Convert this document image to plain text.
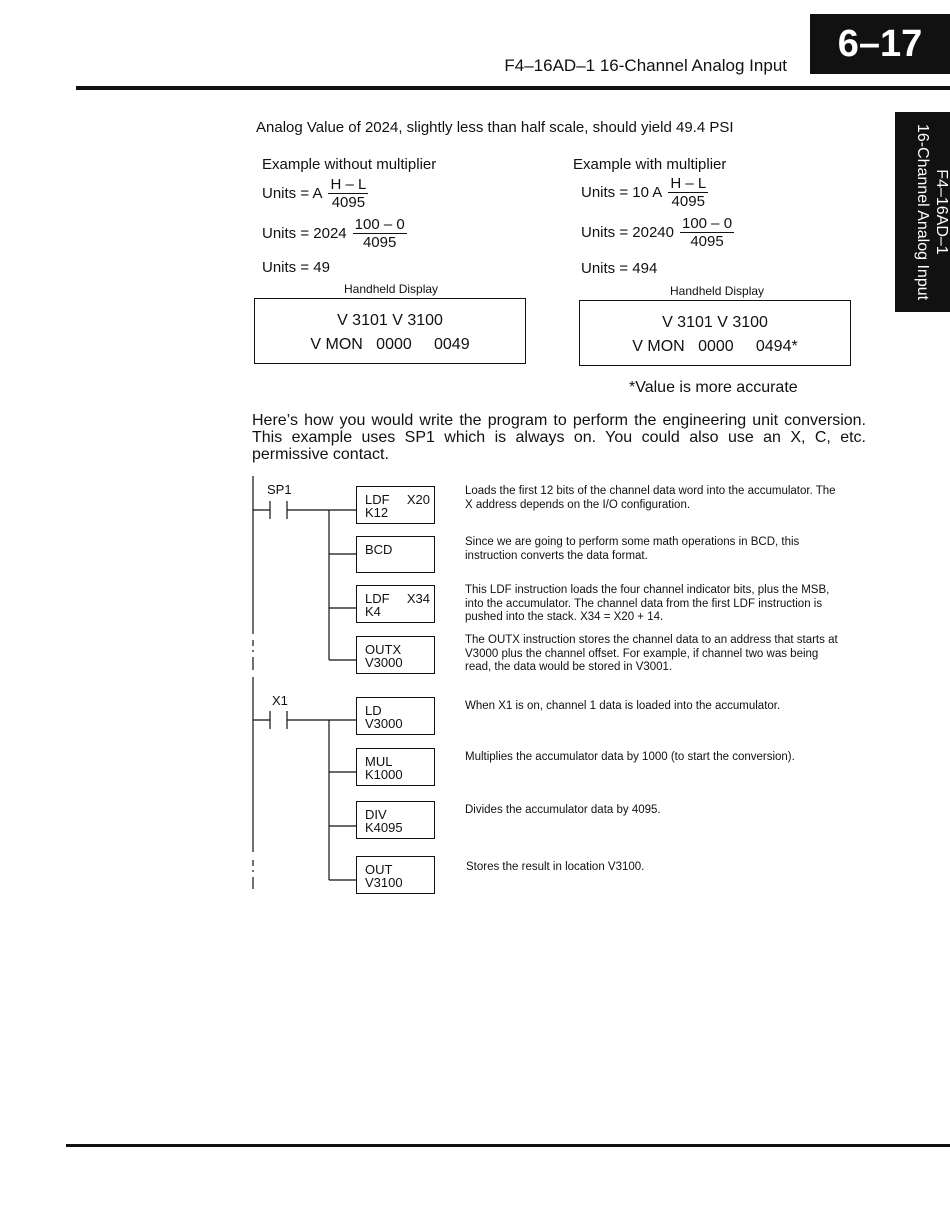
6–17
F4–16AD–1 16-Channel Analog Input
F4–16AD–1
16-Channel Analog Input
Analog Value of 2024, slightly less than half scale, should yield 49.4 PSI
Example without multiplier
Units = A $\frac{H - L}{4095}$
Units = $2024 \frac{100 - 0}{4095}$
Units = 49
Handheld Display
V 3101 V 3100
V MON   0000     0049
Example with multiplier
Units = 10 A $\frac{H - L}{4095}$
Units = $20240 \frac{100 - 0}{4095}$
Units = 494
Handheld Display
V 3101 V 3100
V MON   0000     0494*
*Value is more accurate
Here’s how you would write the program to perform the engineering unit conversion. This example uses SP1 which is always on. You could also use an X, C, etc. permissive contact.
SP1
X1
LDF X20
K12
BCD
LDF X34
K4
OUTX
V3000
LD
V3000
MUL
K1000
DIV
K4095
OUT
V3100
Loads the first 12 bits of the channel data word into the accumulator. The X address depends on the I/O configuration.
Since we are going to perform some math operations in BCD, this instruction converts the data format.
This LDF instruction loads the four channel indicator bits, plus the MSB, into the accumulator. The channel data from the first LDF instruction is pushed into the stack. X34 = X20 + 14.
The OUTX instruction stores the channel data to an address that starts at V3000 plus the channel offset. For example, if channel two was being read, the data would be stored in V3001.
When X1 is on, channel 1 data is loaded into the accumulator.
Multiplies the accumulator data by 1000 (to start the conversion).
Divides the accumulator data by 4095.
Stores the result in location V3100.
